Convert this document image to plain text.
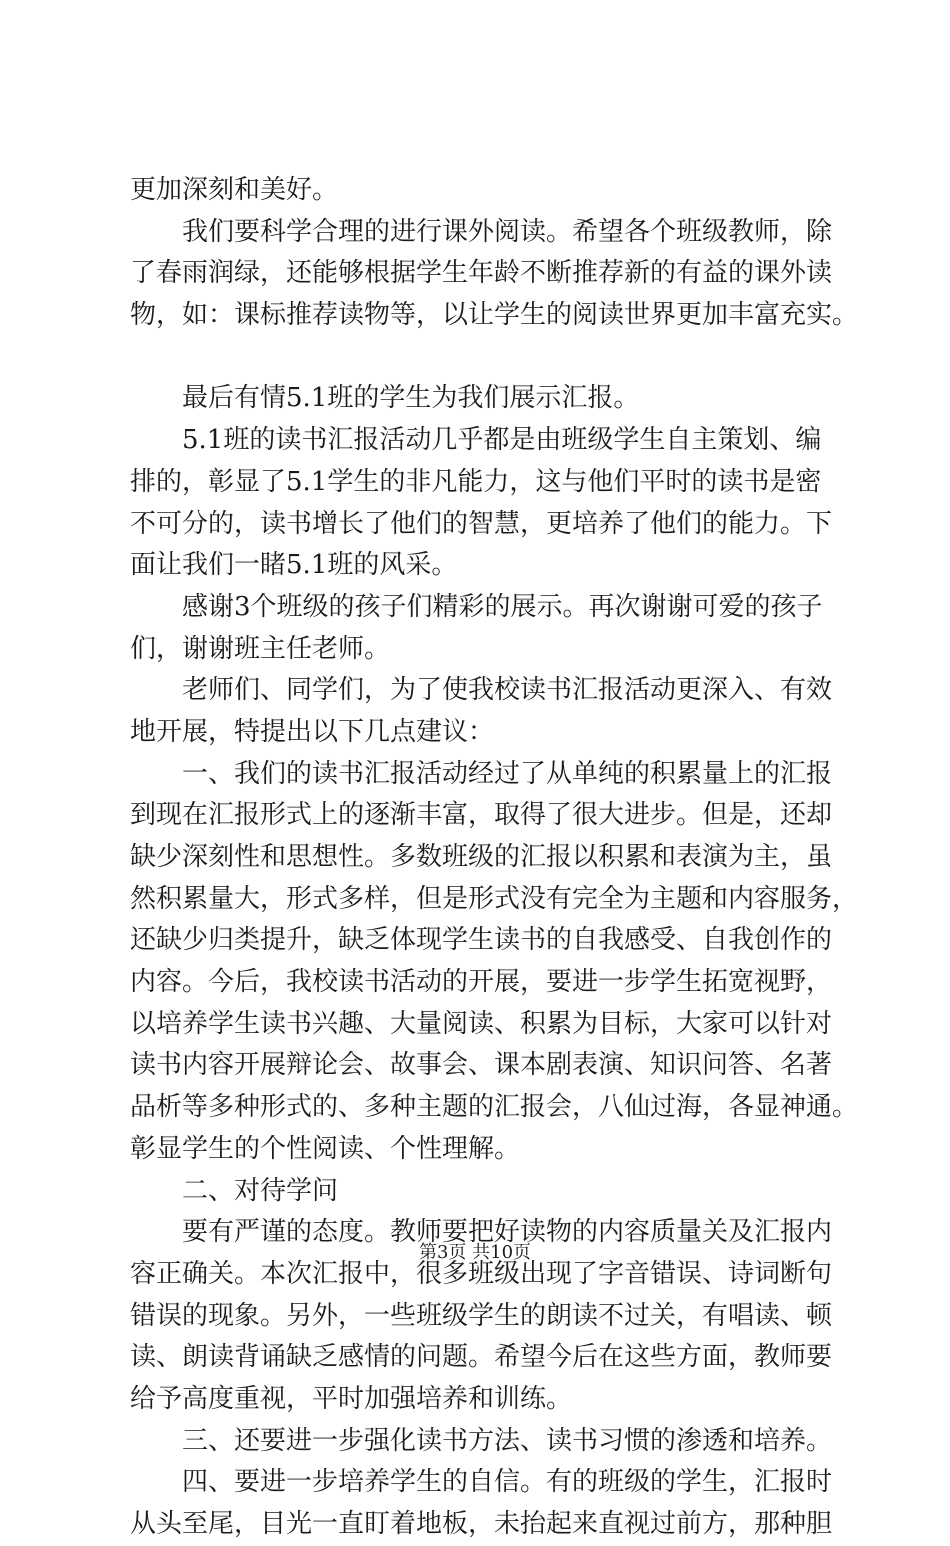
更加深刻和美好。

我们要科学合理的进行课外阅读。希望各个班级教师，除

了春雨润绿，还能够根据学生年龄不断推荐新的有益的课外读

物，如：课标推荐读物等，以让学生的阅读世界更加丰富充实。

最后有情5.1班的学生为我们展示汇报。

5.1班的读书汇报活动几乎都是由班级学生自主策划、编

排的，彰显了5.1学生的非凡能力，这与他们平时的读书是密

不可分的，读书增长了他们的智慧，更培养了他们的能力。下

面让我们一睹5.1班的风采。

感谢3个班级的孩子们精彩的展示。再次谢谢可爱的孩子

们，谢谢班主任老师。

老师们、同学们，为了使我校读书汇报活动更深入、有效

地开展，特提出以下几点建议：

一、我们的读书汇报活动经过了从单纯的积累量上的汇报

到现在汇报形式上的逐渐丰富，取得了很大进步。但是，还却

缺少深刻性和思想性。多数班级的汇报以积累和表演为主，虽

然积累量大，形式多样，但是形式没有完全为主题和内容服务，

还缺少归类提升，缺乏体现学生读书的自我感受、自我创作的

内容。今后，我校读书活动的开展，要进一步学生拓宽视野，

以培养学生读书兴趣、大量阅读、积累为目标，大家可以针对

读书内容开展辩论会、故事会、课本剧表演、知识问答、名著

品析等多种形式的、多种主题的汇报会，八仙过海，各显神通。

彰显学生的个性阅读、个性理解。

二、对待学问

要有严谨的态度。教师要把好读物的内容质量关及汇报内

容正确关。本次汇报中，很多班级出现了字音错误、诗词断句

错误的现象。另外，一些班级学生的朗读不过关，有唱读、顿

读、朗读背诵缺乏感情的问题。希望今后在这些方面，教师要

给予高度重视，平时加强培养和训练。

三、还要进一步强化读书方法、读书习惯的渗透和培养。

四、要进一步培养学生的自信。有的班级的学生，汇报时

从头至尾，目光一直盯着地板，未抬起来直视过前方，那种胆

第3页 共10页
